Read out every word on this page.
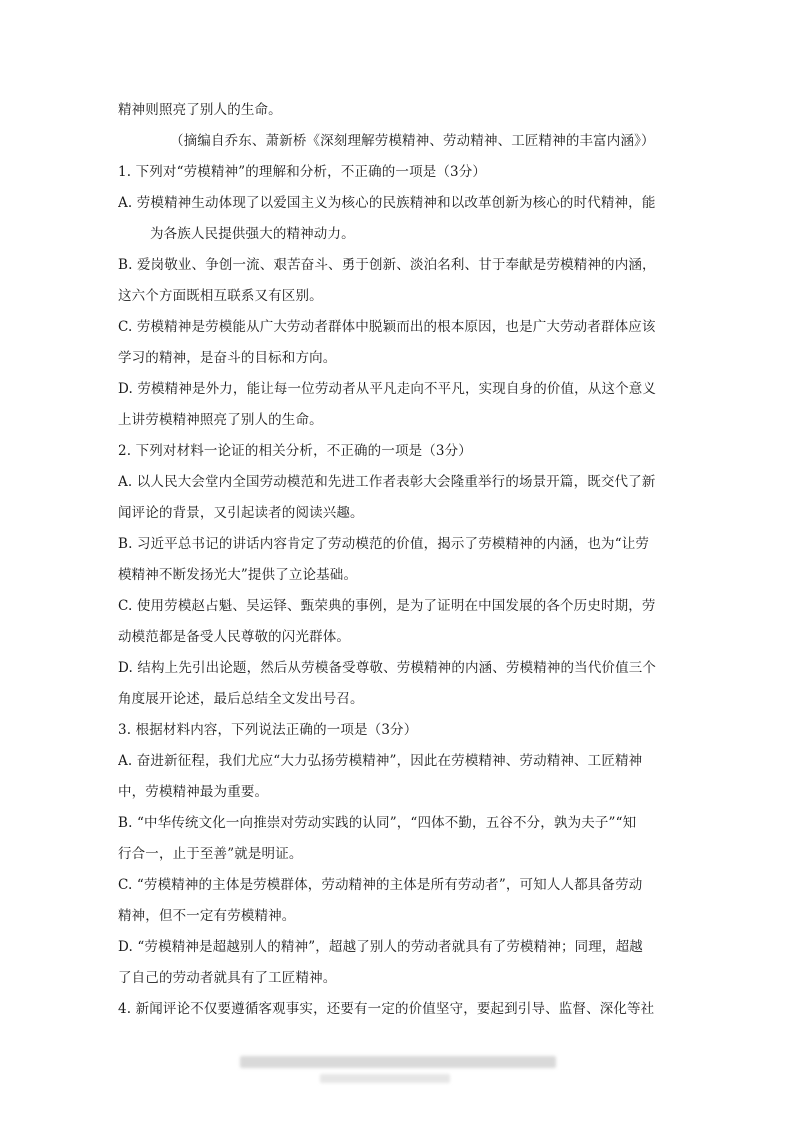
精神则照亮了别人的生命。
（摘编自乔东、萧新桥《深刻理解劳模精神、劳动精神、工匠精神的丰富内涵》）
1. 下列对“劳模精神”的理解和分析，不正确的一项是（3分）
A. 劳模精神生动体现了以爱国主义为核心的民族精神和以改革创新为核心的时代精神，能
为各族人民提供强大的精神动力。
B. 爱岗敬业、争创一流、艰苦奋斗、勇于创新、淡泊名利、甘于奉献是劳模精神的内涵，
这六个方面既相互联系又有区别。
C. 劳模精神是劳模能从广大劳动者群体中脱颖而出的根本原因，也是广大劳动者群体应该
学习的精神，是奋斗的目标和方向。
D. 劳模精神是外力，能让每一位劳动者从平凡走向不平凡，实现自身的价值，从这个意义
上讲劳模精神照亮了别人的生命。
2. 下列对材料一论证的相关分析，不正确的一项是（3分）
A. 以人民大会堂内全国劳动模范和先进工作者表彰大会隆重举行的场景开篇，既交代了新
闻评论的背景，又引起读者的阅读兴趣。
B. 习近平总书记的讲话内容肯定了劳动模范的价值，揭示了劳模精神的内涵，也为“让劳
模精神不断发扬光大”提供了立论基础。
C. 使用劳模赵占魁、吴运铎、甄荣典的事例，是为了证明在中国发展的各个历史时期，劳
动模范都是备受人民尊敬的闪光群体。
D. 结构上先引出论题，然后从劳模备受尊敬、劳模精神的内涵、劳模精神的当代价值三个
角度展开论述，最后总结全文发出号召。
3. 根据材料内容，下列说法正确的一项是（3分）
A. 奋进新征程，我们尤应“大力弘扬劳模精神”，因此在劳模精神、劳动精神、工匠精神
中，劳模精神最为重要。
B. “中华传统文化一向推崇对劳动实践的认同”，“四体不勤，五谷不分，孰为夫子”“知
行合一，止于至善”就是明证。
C. “劳模精神的主体是劳模群体，劳动精神的主体是所有劳动者”，可知人人都具备劳动
精神，但不一定有劳模精神。
D. “劳模精神是超越别人的精神”，超越了别人的劳动者就具有了劳模精神；同理，超越
了自己的劳动者就具有了工匠精神。
4. 新闻评论不仅要遵循客观事实，还要有一定的价值坚守，要起到引导、监督、深化等社
